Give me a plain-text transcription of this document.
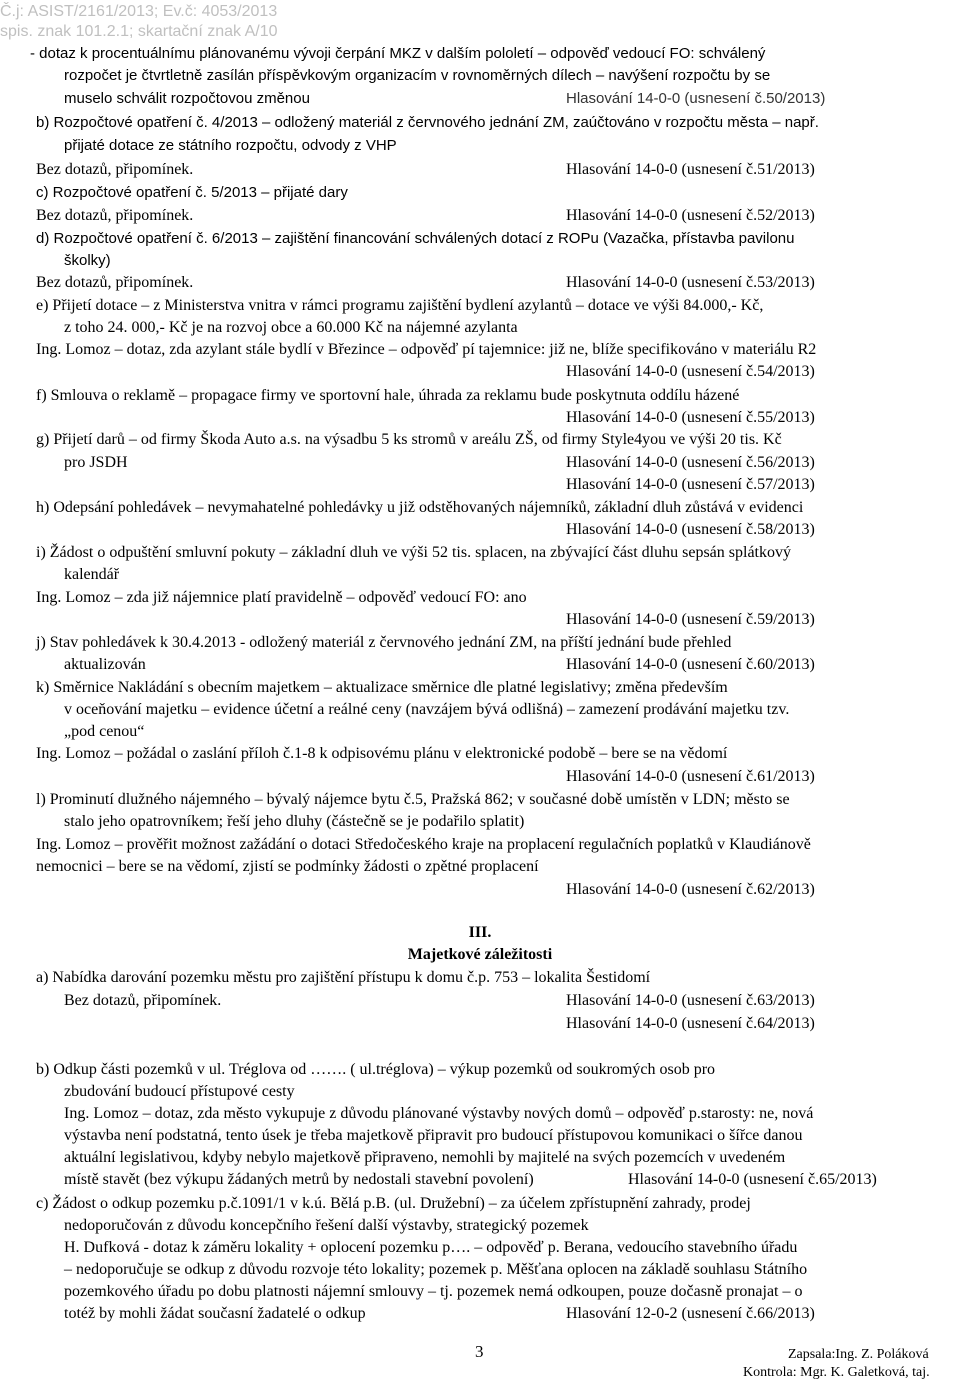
Č.j: ASIST/2161/2013; Ev.č: 4053/2013
spis. znak 101.2.1; skartační znak A/10
- dotaz k procentuálnímu plánovanému vývoji čerpání MKZ v dalším pololetí – odpověď vedoucí FO: schválený
rozpočet je čtvrtletně zasílán příspěvkovým organizacím v rovnoměrných dílech – navýšení rozpočtu by se
muselo schválit rozpočtovou změnou
b) Rozpočtové opatření č. 4/2013 – odložený materiál z červnového jednání ZM, zaúčtováno v rozpočtu města – např.
přijaté dotace ze státního rozpočtu, odvody z VHP
Bez dotazů, připomínek.
c) Rozpočtové opatření č. 5/2013 – přijaté dary
Bez dotazů, připomínek.
d) Rozpočtové opatření č. 6/2013 – zajištění financování schválených dotací z ROPu (Vazačka, přístavba pavilonu
školky)
Bez dotazů, připomínek.
e) Přijetí dotace – z Ministerstva vnitra v rámci programu zajištění bydlení azylantů – dotace ve výši 84.000,- Kč,
z toho 24. 000,- Kč je na rozvoj obce a 60.000 Kč na nájemné azylanta
Ing. Lomoz – dotaz, zda azylant stále bydlí v Březince – odpověď pí tajemnice: již ne, blíže specifikováno v materiálu R2
f) Smlouva o reklamě – propagace firmy ve sportovní hale, úhrada za reklamu bude poskytnuta oddílu házené
g) Přijetí darů – od firmy Škoda Auto a.s. na výsadbu 5 ks stromů v areálu ZŠ, od firmy Style4you ve výši 20 tis. Kč
pro JSDH
h) Odepsání pohledávek – nevymahatelné pohledávky u již odstěhovaných nájemníků, základní dluh zůstává v evidenci
i) Žádost o odpuštění smluvní pokuty – základní dluh ve výši 52 tis. splacen, na zbývající část dluhu sepsán splátkový
kalendář
Ing. Lomoz – zda již nájemnice platí pravidelně – odpověď vedoucí FO: ano
j) Stav pohledávek k 30.4.2013 - odložený materiál z červnového jednání ZM, na příští jednání bude přehled
aktualizován
k) Směrnice Nakládání s obecním majetkem – aktualizace směrnice dle platné legislativy; změna především
v oceňování majetku – evidence účetní a reálné ceny (navzájem bývá odlišná) – zamezení prodávání majetku tzv.
„pod cenou“
Ing. Lomoz – požádal o zaslání příloh č.1-8 k odpisovému plánu v elektronické podobě – bere se na vědomí
l) Prominutí dlužného nájemného – bývalý nájemce bytu č.5, Pražská 862; v současné době umístěn v LDN; město se
stalo jeho opatrovníkem; řeší jeho dluhy (částečně se je podařilo splatit)
Ing. Lomoz – prověřit možnost zažádání o dotaci Středočeského kraje na proplacení regulačních poplatků v Klaudiánově
nemocnici – bere se na vědomí, zjistí se podmínky žádosti o zpětné proplacení
a) Nabídka darování pozemku městu pro zajištění přístupu k domu č.p. 753 – lokalita Šestidomí
Bez dotazů, připomínek.
b) Odkup části pozemků v ul. Tréglova od ……. ( ul.tréglova) – výkup pozemků od soukromých osob pro
zbudování budoucí přístupové cesty
Ing. Lomoz – dotaz, zda město vykupuje z důvodu plánované výstavby nových domů – odpověď p.starosty: ne, nová
výstavba není podstatná, tento úsek je třeba majetkově připravit pro budoucí přístupovou komunikaci o šířce danou
aktuální legislativou, kdyby nebylo majetkově připraveno, nemohli by majitelé na svých pozemcích v uvedeném
místě stavět (bez výkupu žádaných metrů by nedostali stavební povolení)
c) Žádost o odkup pozemku p.č.1091/1 v k.ú. Bělá p.B. (ul. Družební) – za účelem zpřístupnění zahrady, prodej
nedoporučován z důvodu koncepčního řešení další výstavby, strategický pozemek
H. Dufková - dotaz k záměru lokality + oplocení pozemku p…. – odpověď p. Berana, vedoucího stavebního úřadu
– nedoporučuje se odkup z důvodu rozvoje této lokality; pozemek p. Měšťana oplocen na základě souhlasu Státního
pozemkového úřadu po dobu platnosti nájemní smlouvy – tj. pozemek nemá odkoupen, pouze dočasně pronajat – o
totéž by mohli žádat současní žadatelé o odkup
Hlasování 14-0-0 (usnesení č.50/2013)
Hlasování 14-0-0 (usnesení č.51/2013)
Hlasování 14-0-0 (usnesení č.52/2013)
Hlasování 14-0-0 (usnesení č.53/2013)
Hlasování 14-0-0 (usnesení č.54/2013)
Hlasování 14-0-0 (usnesení č.55/2013)
Hlasování 14-0-0 (usnesení č.56/2013)
Hlasování 14-0-0 (usnesení č.57/2013)
Hlasování 14-0-0 (usnesení č.58/2013)
Hlasování 14-0-0 (usnesení č.59/2013)
Hlasování 14-0-0 (usnesení č.60/2013)
Hlasování 14-0-0 (usnesení č.61/2013)
Hlasování 14-0-0 (usnesení č.62/2013)
Hlasování 14-0-0 (usnesení č.63/2013)
Hlasování 14-0-0 (usnesení č.64/2013)
Hlasování 12-0-2 (usnesení č.66/2013)
Hlasování 14-0-0 (usnesení č.65/2013)
III.
Majetkové záležitosti
3	Zapsala:Ing. Z. Poláková
Kontrola: Mgr. K. Galetková, taj.
